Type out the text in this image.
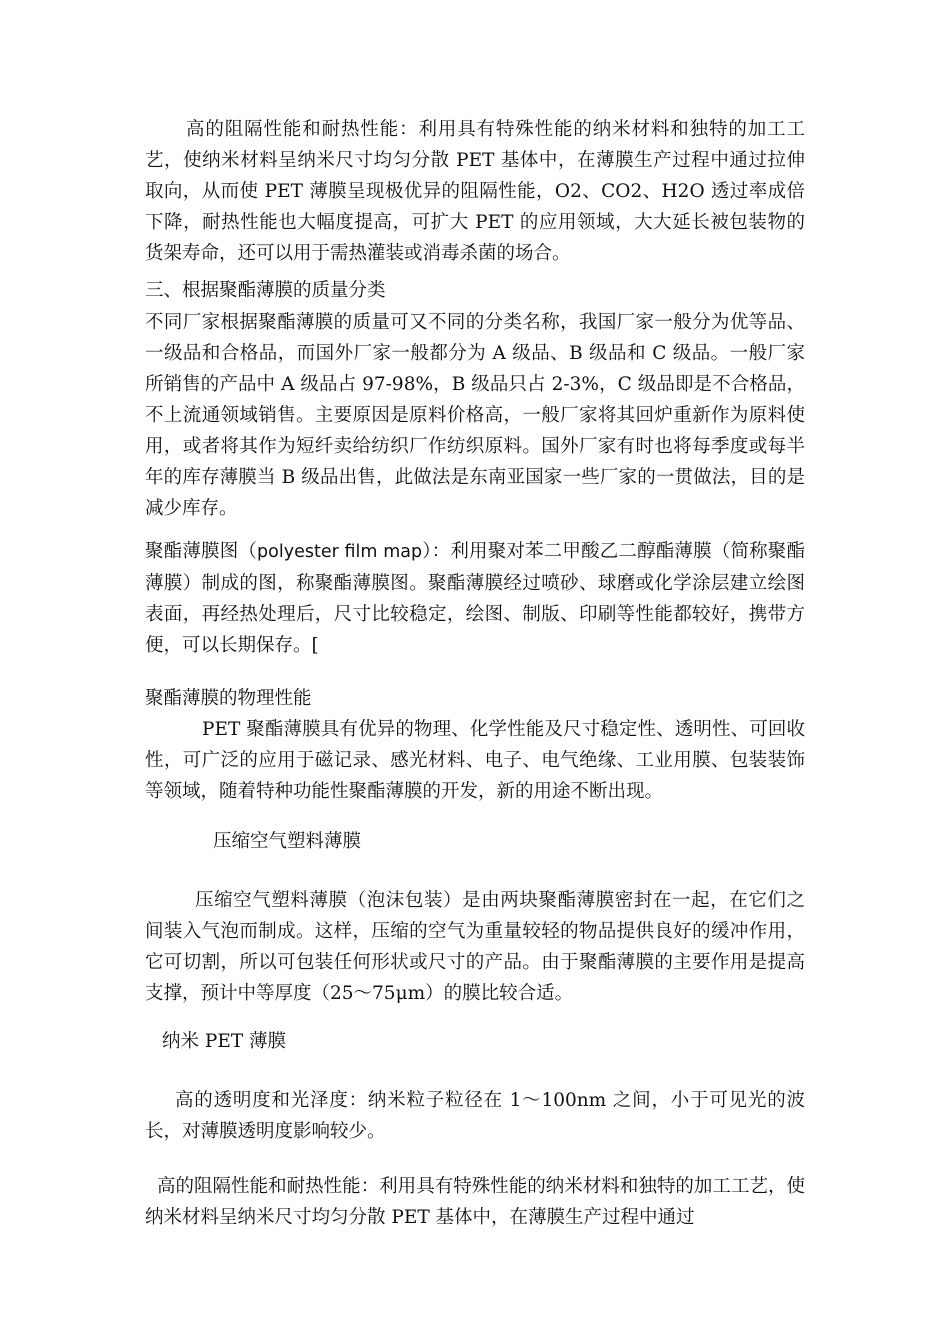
高的阻隔性能和耐热性能：利用具有特殊性能的纳米材料和独特的加工工艺，使纳米材料呈纳米尺寸均匀分散 PET 基体中，在薄膜生产过程中通过拉伸取向，从而使 PET 薄膜呈现极优异的阻隔性能，O2、CO2、H2O 透过率成倍下降，耐热性能也大幅度提高，可扩大 PET 的应用领域，大大延长被包装物的货架寿命，还可以用于需热灌装或消毒杀菌的场合。

三、根据聚酯薄膜的质量分类

不同厂家根据聚酯薄膜的质量可又不同的分类名称，我国厂家一般分为优等品、一级品和合格品，而国外厂家一般都分为 A 级品、B 级品和 C 级品。一般厂家所销售的产品中 A 级品占 97-98%，B 级品只占 2-3%，C 级品即是不合格品，不上流通领域销售。主要原因是原料价格高，一般厂家将其回炉重新作为原料使用，或者将其作为短纤卖给纺织厂作纺织原料。国外厂家有时也将每季度或每半年的库存薄膜当 B 级品出售，此做法是东南亚国家一些厂家的一贯做法，目的是减少库存。

聚酯薄膜图（polyester film map）：利用聚对苯二甲酸乙二醇酯薄膜（简称聚酯薄膜）制成的图，称聚酯薄膜图。聚酯薄膜经过喷砂、球磨或化学涂层建立绘图表面，再经热处理后，尺寸比较稳定，绘图、制版、印刷等性能都较好，携带方便，可以长期保存。[

聚酯薄膜的物理性能

PET 聚酯薄膜具有优异的物理、化学性能及尺寸稳定性、透明性、可回收性，可广泛的应用于磁记录、感光材料、电子、电气绝缘、工业用膜、包装装饰等领域，随着特种功能性聚酯薄膜的开发，新的用途不断出现。

压缩空气塑料薄膜

压缩空气塑料薄膜（泡沫包装）是由两块聚酯薄膜密封在一起，在它们之间装入气泡而制成。这样，压缩的空气为重量较轻的物品提供良好的缓冲作用，它可切割，所以可包装任何形状或尺寸的产品。由于聚酯薄膜的主要作用是提高支撑，预计中等厚度（25～75μm）的膜比较合适。

纳米 PET 薄膜

高的透明度和光泽度：纳米粒子粒径在 1～100nm 之间，小于可见光的波长，对薄膜透明度影响较少。

高的阻隔性能和耐热性能：利用具有特殊性能的纳米材料和独特的加工工艺，使纳米材料呈纳米尺寸均匀分散 PET 基体中，在薄膜生产过程中通过
